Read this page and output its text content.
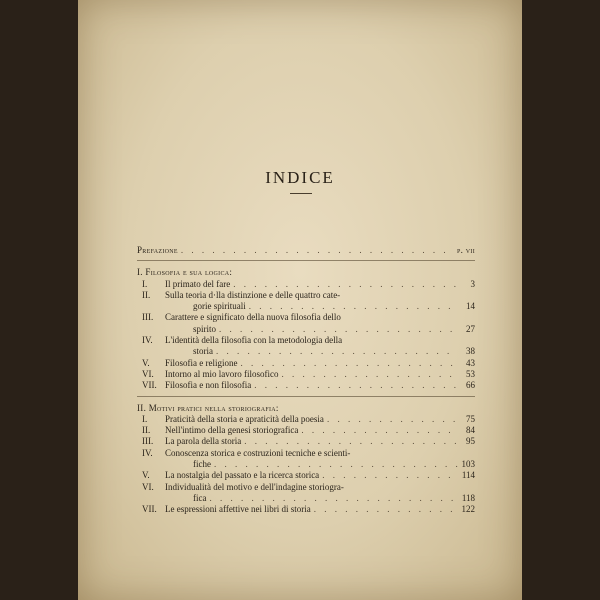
INDICE
Prefazione . . .	p. vii
I. Filosofia e sua logica:
I.	Il primato del fare . . .	3
II.	Sulla teoria d·lla distinzione e delle quattro cate-
gorie spirituali . . .	14
III.	Carattere e significato della nuova filosofia dello
spirito . . .	27
IV.	L'identità della filosofia con la metodologia della
storia . . .	38
V.	Filosofia e religione . . .	43
VI.	Intorno al mio lavoro filosofico . . .	53
VII. Filosofia e non filosofia . . .	66
II. Motivi pratici nella storiografia:
I.	Praticità della storia e apraticità della poesia . . .	75
II.	Nell'intimo della genesi storiografica . . .	84
III.	La parola della storia . . .	95
IV.	Conoscenza storica e costruzioni tecniche e scienti-
fiche . . .	103
V.	La nostalgia del passato e la ricerca storica . . .	114
VI.	Individualità del motivo e dell'indagine storiogra-
fica . . .	118
VII. Le espressioni affettive nei libri di storia . . .	122
